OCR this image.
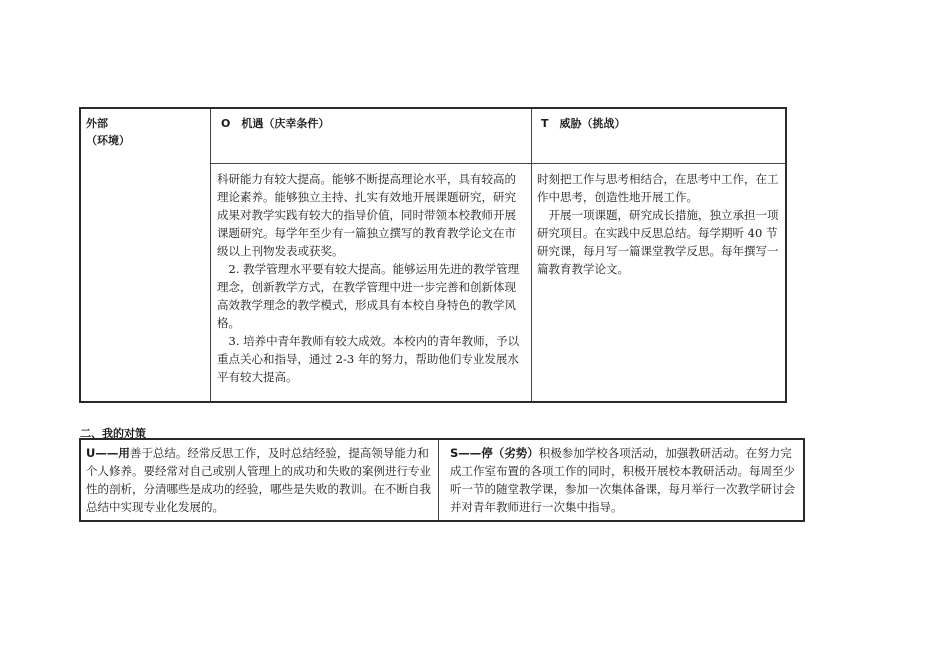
外部
（环境）
O　机遇（庆幸条件）	T　威胁（挑战）

科研能力有较大提高。能够不断提高理论水平，具有较高的理论素养。能够独立主持、扎实有效地开展课题研究，研究成果对教学实践有较大的指导价值，同时带领本校教师开展课题研究。每学年至少有一篇独立撰写的教育教学论文在市级以上刊物发表或获奖。

2. 教学管理水平要有较大提高。能够运用先进的教学管理理念，创新教学方式，在教学管理中进一步完善和创新体现高效教学理念的教学模式，形成具有本校自身特色的教学风格。

3. 培养中青年教师有较大成效。本校内的青年教师，予以重点关心和指导，通过 2-3 年的努力，帮助他们专业发展水平有较大提高。

时刻把工作与思考相结合，在思考中工作，在工作中思考，创造性地开展工作。

开展一项课题，研究成长措施，独立承担一项研究项目。在实践中反思总结。每学期听 40 节研究课，每月写一篇课堂教学反思。每年撰写一篇教育教学论文。

二、我的对策
U——用善于总结。经常反思工作，及时总结经验，提高领导能力和个人修养。要经常对自己或别人管理上的成功和失败的案例进行专业性的剖析，分清哪些是成功的经验，哪些是失败的教训。在不断自我总结中实现专业化发展的。
S——停（劣势）积极参加学校各项活动，加强教研活动。在努力完成工作室布置的各项工作的同时，积极开展校本教研活动。每周至少听一节的随堂教学课，参加一次集体备课，每月举行一次教学研讨会并对青年教师进行一次集中指导。
